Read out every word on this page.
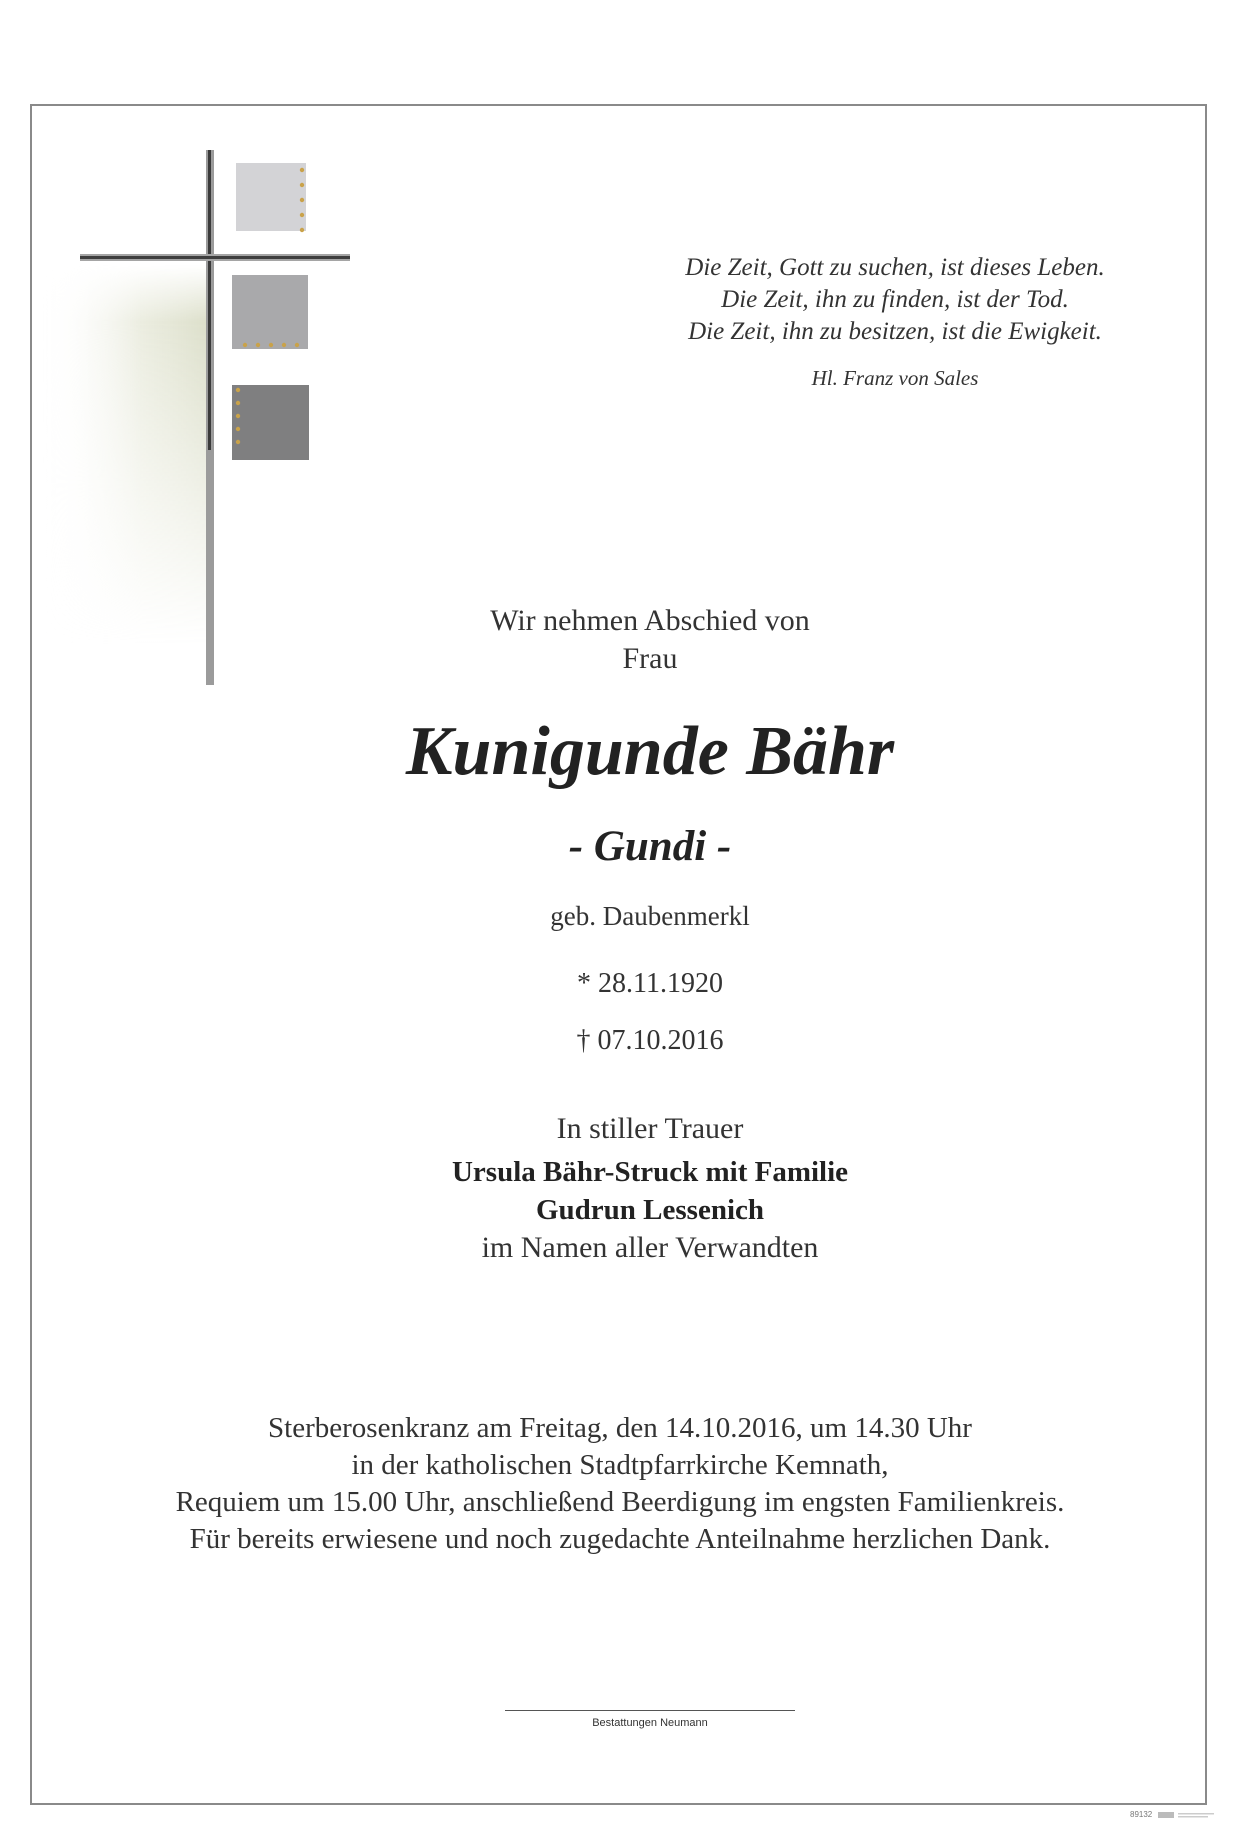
Die Zeit, Gott zu suchen, ist dieses Leben.
Die Zeit, ihn zu finden, ist der Tod.
Die Zeit, ihn zu besitzen, ist die Ewigkeit.
Hl. Franz von Sales
Wir nehmen Abschied von
Frau
Kunigunde Bähr
- Gundi -
geb. Daubenmerkl
* 28.11.1920
† 07.10.2016
In stiller Trauer
Ursula Bähr-Struck mit Familie
Gudrun Lessenich
im Namen aller Verwandten
Sterberosenkranz am Freitag, den 14.10.2016, um 14.30 Uhr
in der katholischen Stadtpfarrkirche Kemnath,
Requiem um 15.00 Uhr, anschließend Beerdigung im engsten Familienkreis.
Für bereits erwiesene und noch zugedachte Anteilnahme herzlichen Dank.
Bestattungen Neumann
89132
